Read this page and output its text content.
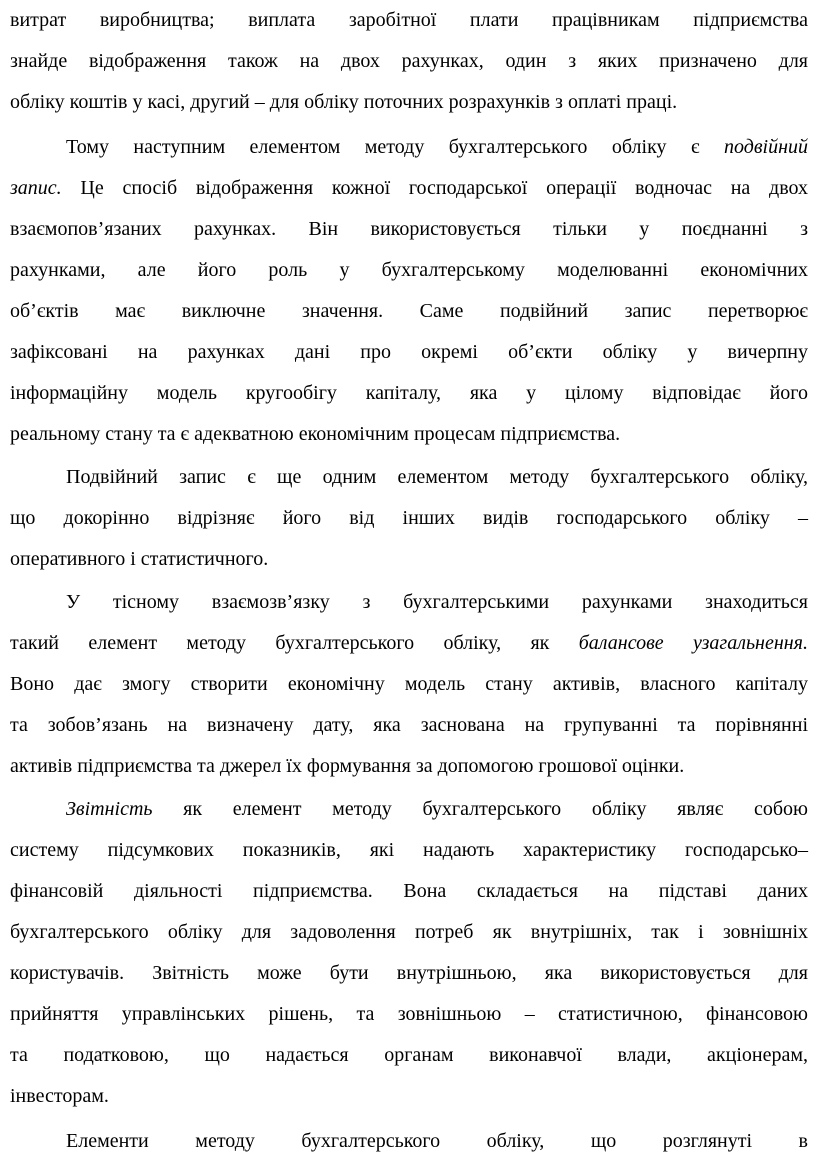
витрат виробництва; виплата заробітної плати працівникам підприємства
знайде відображення також на двох рахунках, один з яких призначено для
обліку коштів у касі, другий – для обліку поточних розрахунків з оплаті праці.
Тому наступним елементом методу бухгалтерського обліку є подвійний
запис. Це спосіб відображення кожної господарської операції водночас на двох
взаємопов’язаних рахунках. Він використовується тільки у поєднанні з
рахунками, але його роль у бухгалтерському моделюванні економічних
об’єктів має виключне значення. Саме подвійний запис перетворює
зафіксовані на рахунках дані про окремі об’єкти обліку у вичерпну
інформаційну модель кругообігу капіталу, яка у цілому відповідає його
реальному стану та є адекватною економічним процесам підприємства.
Подвійний запис є ще одним елементом методу бухгалтерського обліку,
що докорінно відрізняє його від інших видів господарського обліку –
оперативного і статистичного.
У тісному взаємозв’язку з бухгалтерськими рахунками знаходиться
такий елемент методу бухгалтерського обліку, як балансове узагальнення.
Воно дає змогу створити економічну модель стану активів, власного капіталу
та зобов’язань на визначену дату, яка заснована на групуванні та порівнянні
активів підприємства та джерел їх формування за допомогою грошової оцінки.
Звітність як елемент методу бухгалтерського обліку являє собою
систему підсумкових показників, які надають характеристику господарсько–
фінансовій діяльності підприємства. Вона складається на підставі даних
бухгалтерського обліку для задоволення потреб як внутрішніх, так і зовнішніх
користувачів. Звітність може бути внутрішньою, яка використовується для
прийняття управлінських рішень, та зовнішньою – статистичною, фінансовою
та податковою, що надається органам виконавчої влади, акціонерам,
інвесторам.
Елементи методу бухгалтерського обліку, що розглянуті в
